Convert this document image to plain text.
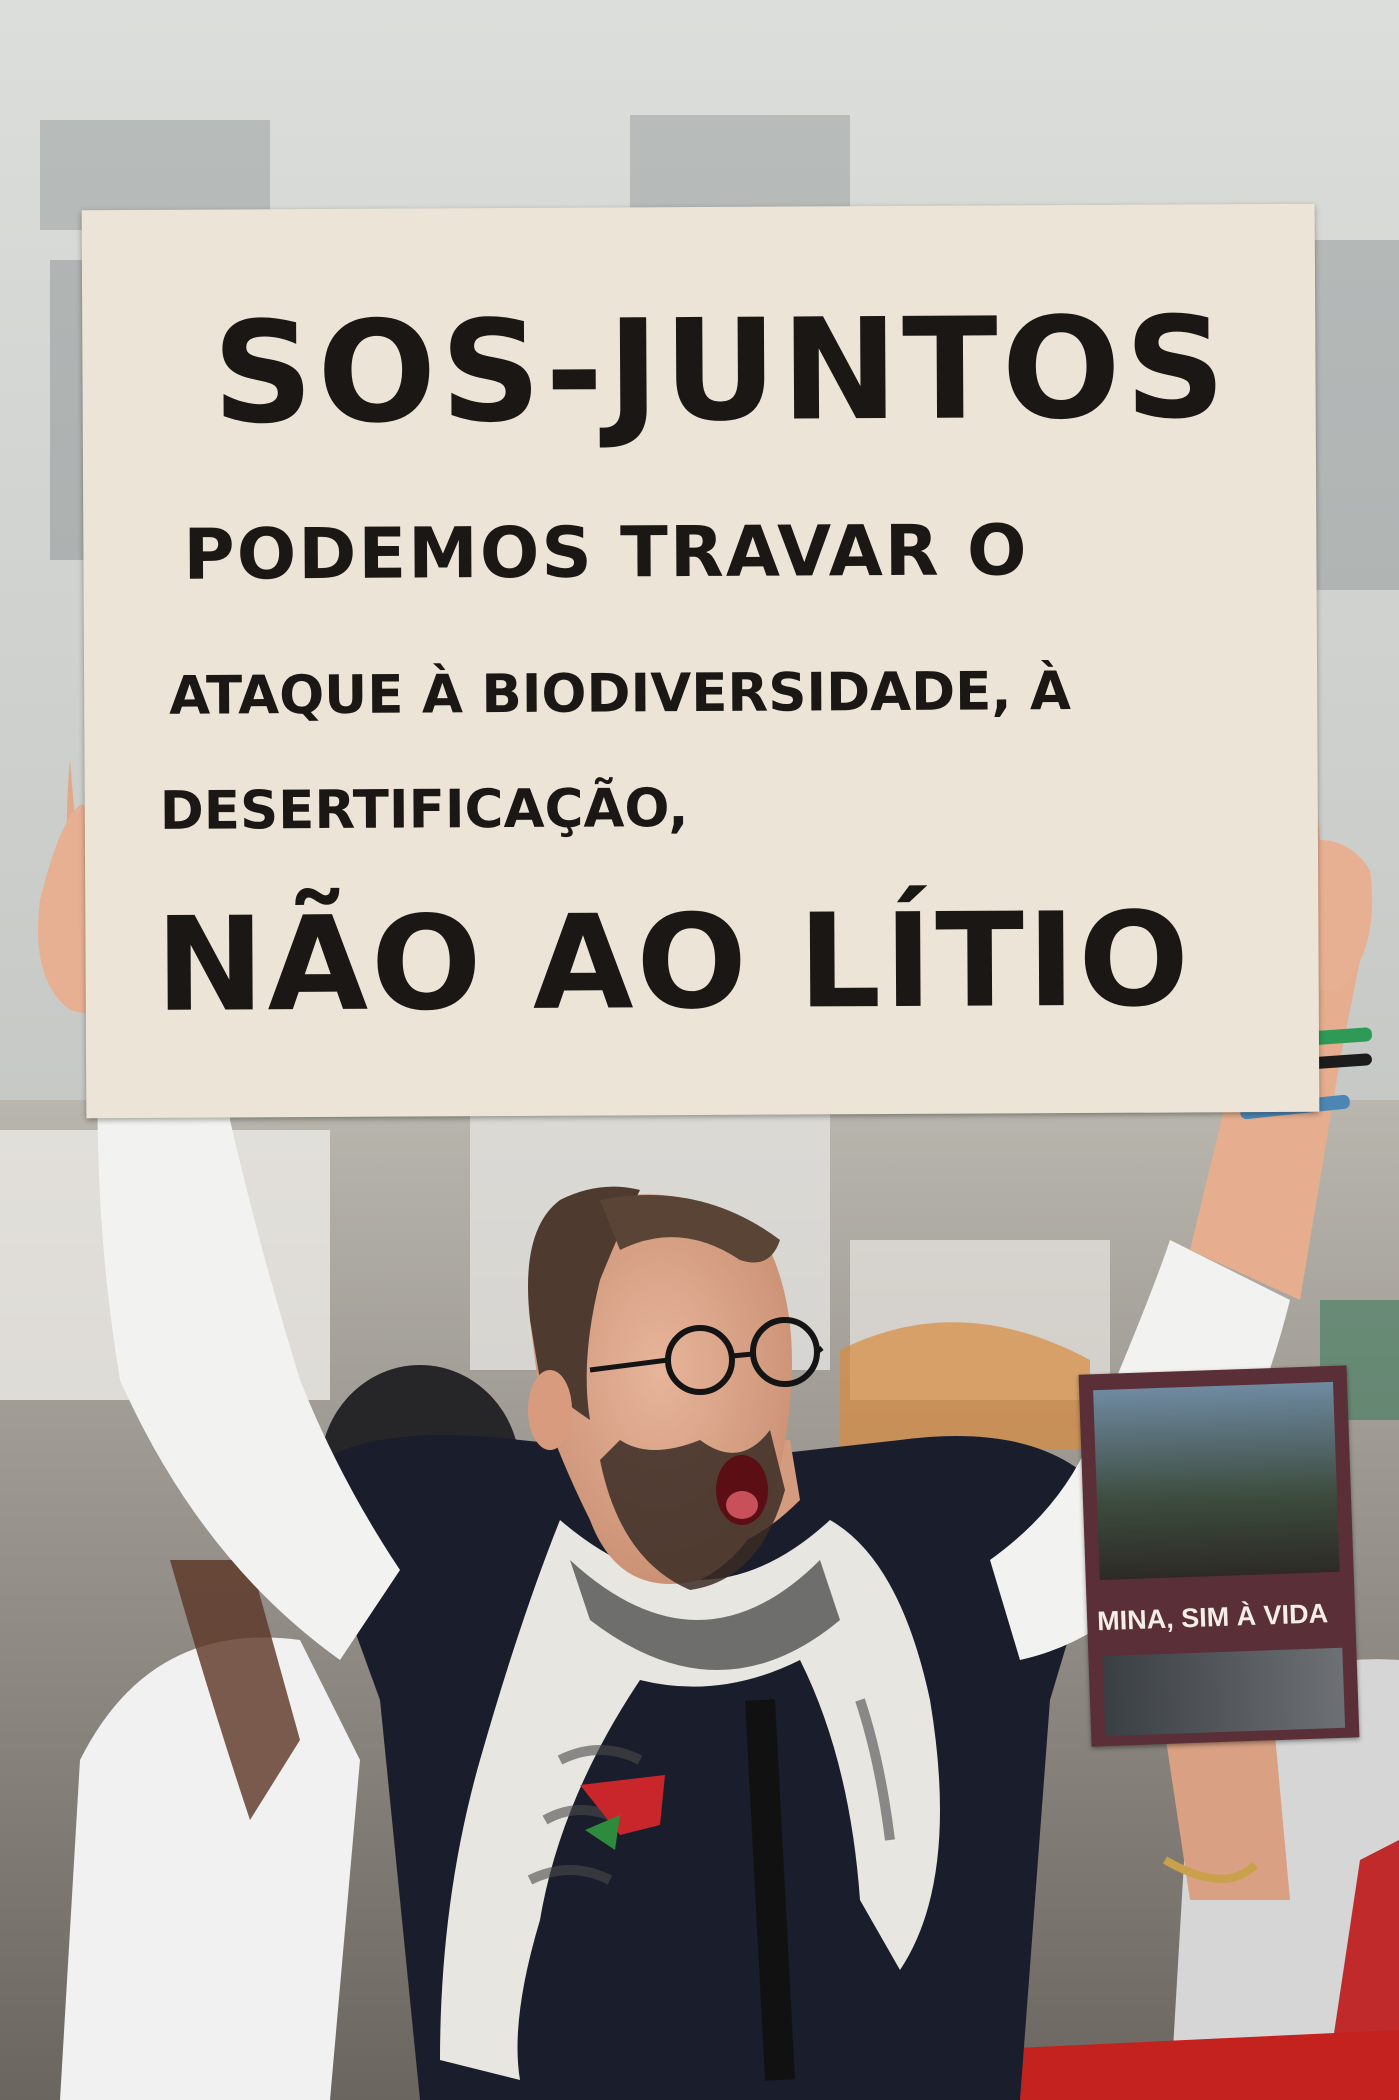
SOS-JUNTOS
PODEMOS TRAVAR O
ATAQUE À BIODIVERSIDADE, À
DESERTIFICAÇÃO,
NÃO AO LÍTIO
MINA, SIM À VIDA
